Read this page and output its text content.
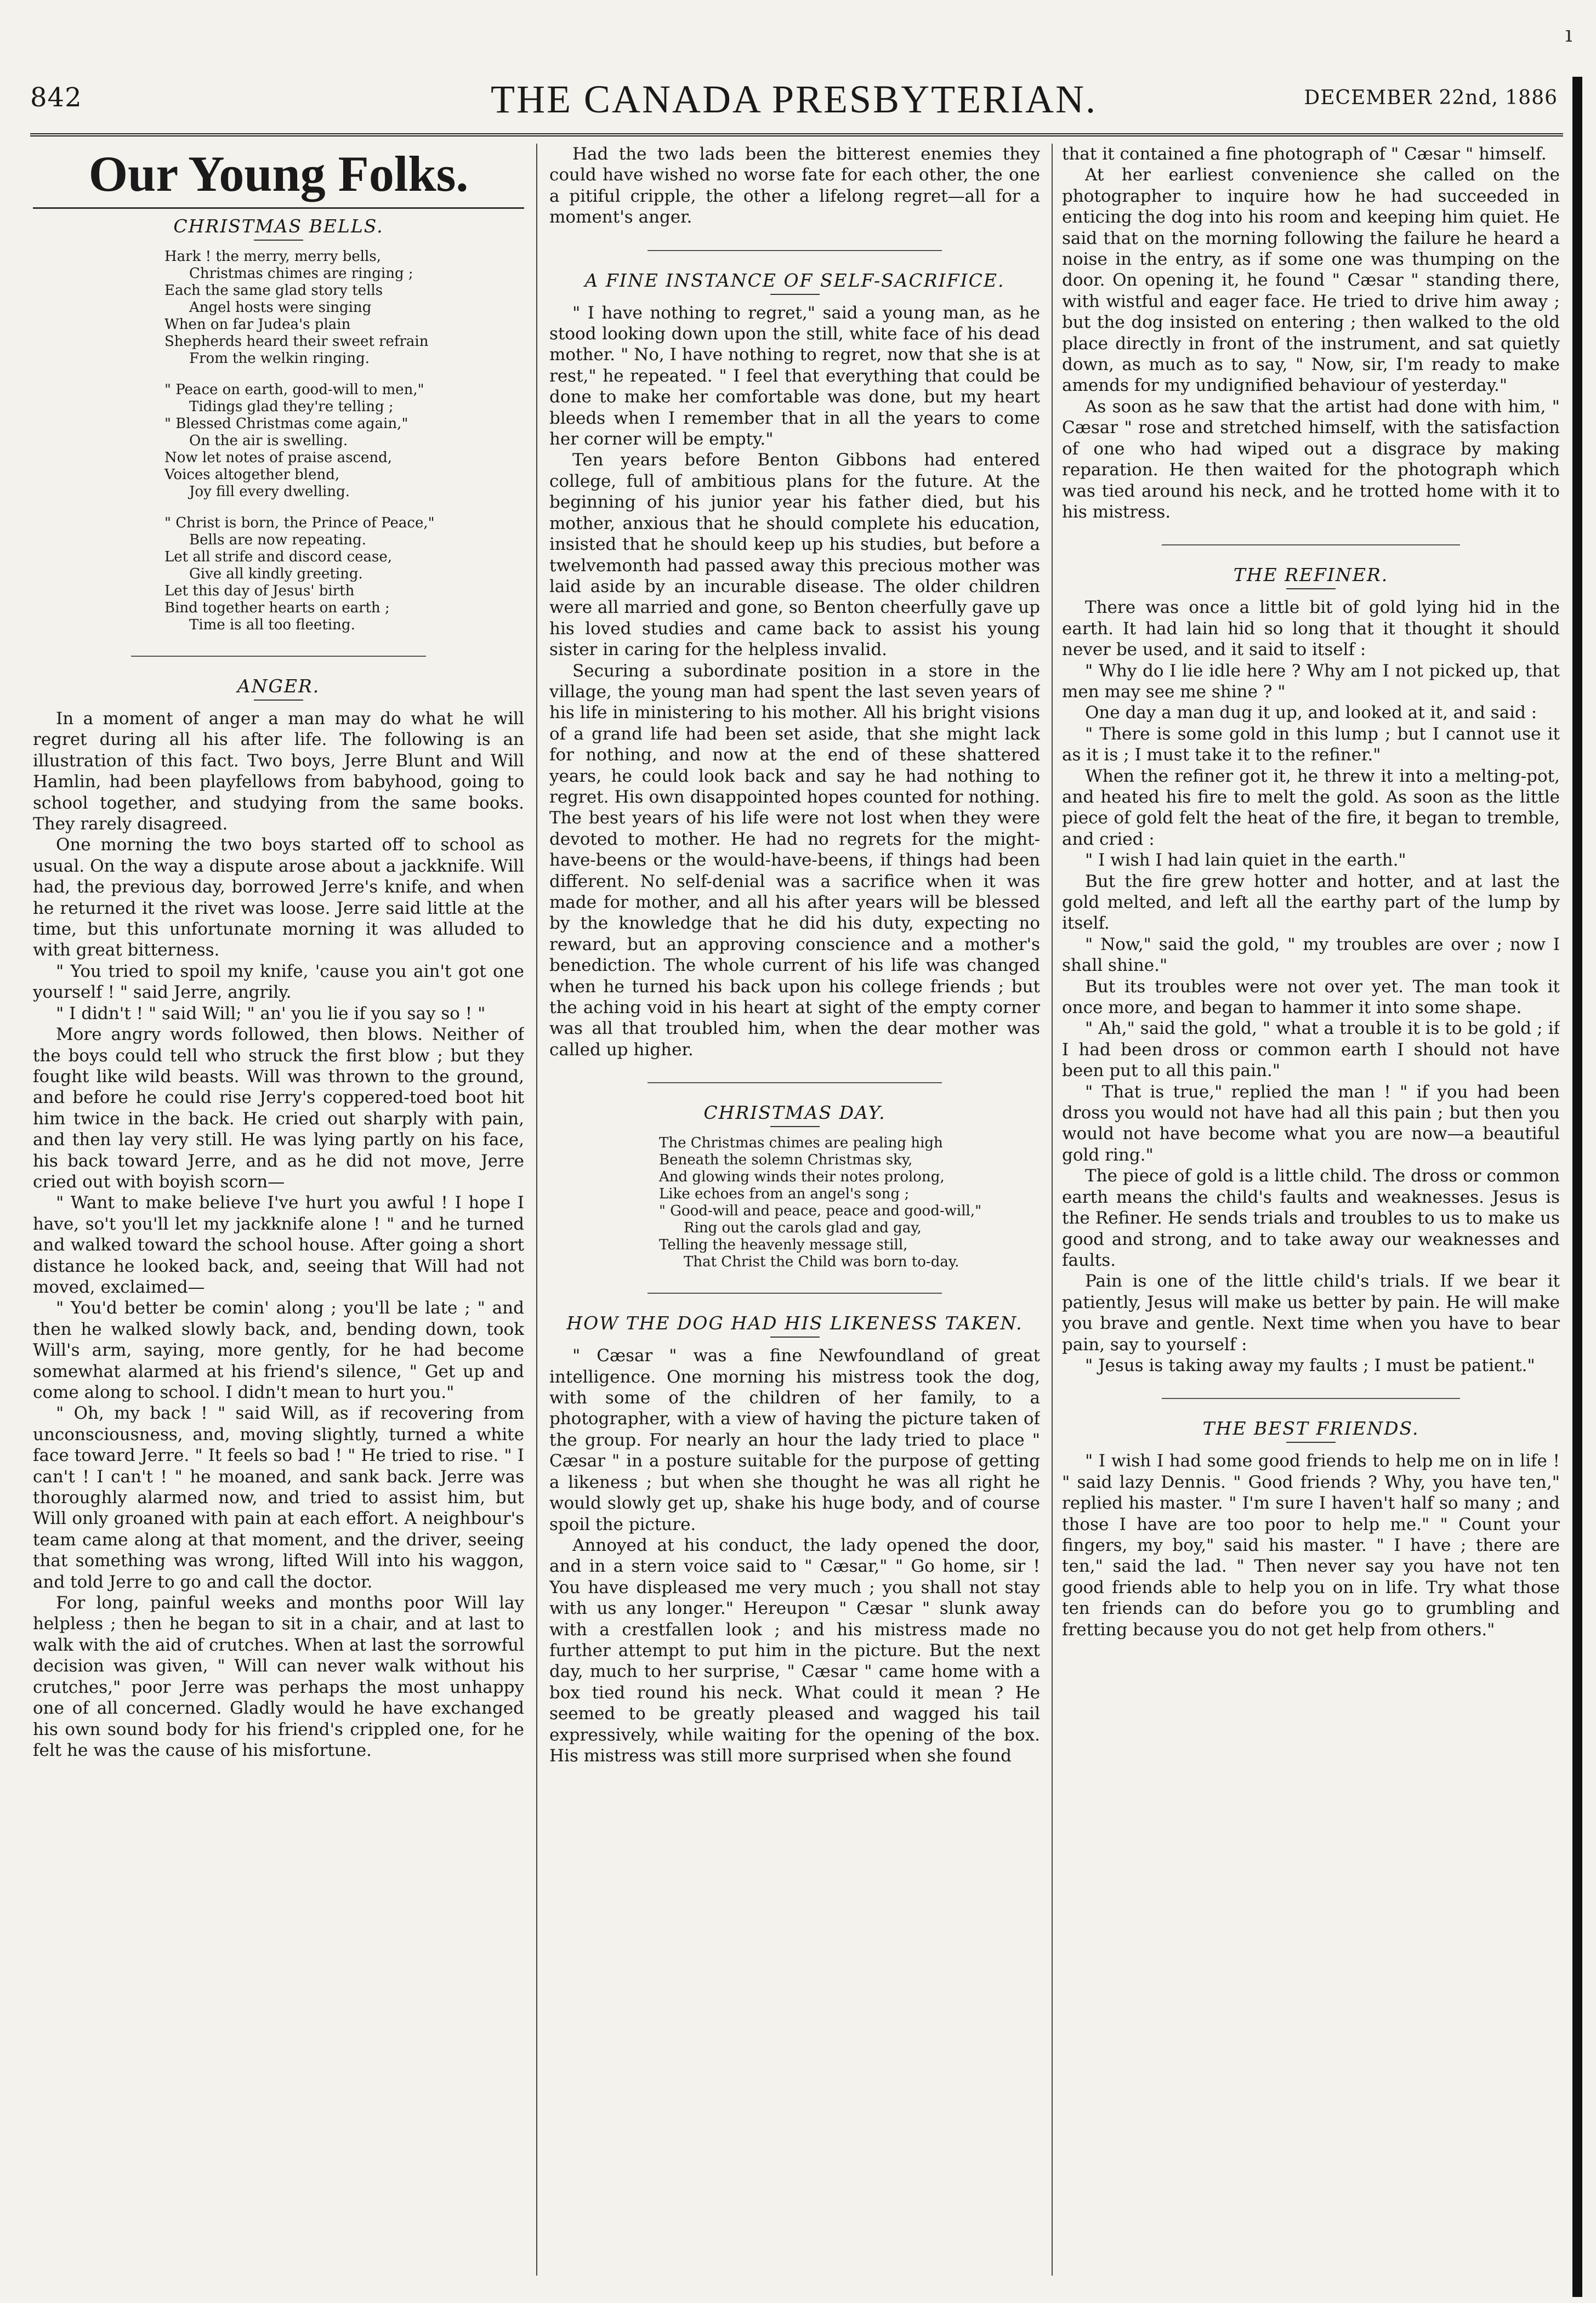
ı
842	THE CANADA PRESBYTERIAN.	DECEMBER 22nd, 1886
Our Young Folks.
CHRISTMAS BELLS.
Hark ! the merry, merry bells,
Christmas chimes are ringing ;
Each the same glad story tells
Angel hosts were singing
When on far Judea's plain
Shepherds heard their sweet refrain
From the welkin ringing.
" Peace on earth, good-will to men,"
Tidings glad they're telling ;
" Blessed Christmas come again,"
On the air is swelling.
Now let notes of praise ascend,
Voices altogether blend,
Joy fill every dwelling.
" Christ is born, the Prince of Peace,"
Bells are now repeating.
Let all strife and discord cease,
Give all kindly greeting.
Let this day of Jesus' birth
Bind together hearts on earth ;
Time is all too fleeting.
ANGER.

In a moment of anger a man may do what he will regret during all his after life. The following is an illustration of this fact. Two boys, Jerre Blunt and Will Hamlin, had been playfellows from babyhood, going to school together, and studying from the same books. They rarely disagreed.

One morning the two boys started off to school as usual. On the way a dispute arose about a jackknife. Will had, the previous day, borrowed Jerre's knife, and when he returned it the rivet was loose. Jerre said little at the time, but this unfortunate morning it was alluded to with great bitterness.

" You tried to spoil my knife, 'cause you ain't got one yourself ! " said Jerre, angrily.

" I didn't ! " said Will; " an' you lie if you say so ! "

More angry words followed, then blows. Neither of the boys could tell who struck the first blow ; but they fought like wild beasts. Will was thrown to the ground, and before he could rise Jerry's coppered-toed boot hit him twice in the back. He cried out sharply with pain, and then lay very still. He was lying partly on his face, his back toward Jerre, and as he did not move, Jerre cried out with boyish scorn—

" Want to make believe I've hurt you awful ! I hope I have, so't you'll let my jackknife alone ! " and he turned and walked toward the school house. After going a short distance he looked back, and, seeing that Will had not moved, exclaimed—

" You'd better be comin' along ; you'll be late ; " and then he walked slowly back, and, bending down, took Will's arm, saying, more gently, for he had become somewhat alarmed at his friend's silence, " Get up and come along to school. I didn't mean to hurt you."

" Oh, my back ! " said Will, as if recovering from unconsciousness, and, moving slightly, turned a white face toward Jerre. " It feels so bad ! " He tried to rise. " I can't ! I can't ! " he moaned, and sank back. Jerre was thoroughly alarmed now, and tried to assist him, but Will only groaned with pain at each effort. A neighbour's team came along at that moment, and the driver, seeing that something was wrong, lifted Will into his waggon, and told Jerre to go and call the doctor.

For long, painful weeks and months poor Will lay helpless ; then he began to sit in a chair, and at last to walk with the aid of crutches. When at last the sorrowful decision was given, " Will can never walk without his crutches," poor Jerre was perhaps the most unhappy one of all concerned. Gladly would he have exchanged his own sound body for his friend's crippled one, for he felt he was the cause of his misfortune.

Had the two lads been the bitterest enemies they could have wished no worse fate for each other, the one a pitiful cripple, the other a lifelong regret—all for a moment's anger.

A FINE INSTANCE OF SELF-SACRIFICE.

" I have nothing to regret," said a young man, as he stood looking down upon the still, white face of his dead mother. " No, I have nothing to regret, now that she is at rest," he repeated. " I feel that everything that could be done to make her comfortable was done, but my heart bleeds when I remember that in all the years to come her corner will be empty."

Ten years before Benton Gibbons had entered college, full of ambitious plans for the future. At the beginning of his junior year his father died, but his mother, anxious that he should complete his education, insisted that he should keep up his studies, but before a twelvemonth had passed away this precious mother was laid aside by an incurable disease. The older children were all married and gone, so Benton cheerfully gave up his loved studies and came back to assist his young sister in caring for the helpless invalid.

Securing a subordinate position in a store in the village, the young man had spent the last seven years of his life in ministering to his mother. All his bright visions of a grand life had been set aside, that she might lack for nothing, and now at the end of these shattered years, he could look back and say he had nothing to regret. His own disappointed hopes counted for nothing. The best years of his life were not lost when they were devoted to mother. He had no regrets for the might-have-beens or the would-have-beens, if things had been different. No self-denial was a sacrifice when it was made for mother, and all his after years will be blessed by the knowledge that he did his duty, expecting no reward, but an approving conscience and a mother's benediction. The whole current of his life was changed when he turned his back upon his college friends ; but the aching void in his heart at sight of the empty corner was all that troubled him, when the dear mother was called up higher.

CHRISTMAS DAY.
The Christmas chimes are pealing high
Beneath the solemn Christmas sky,
And glowing winds their notes prolong,
Like echoes from an angel's song ;
" Good-will and peace, peace and good-will,"
Ring out the carols glad and gay,
Telling the heavenly message still,
That Christ the Child was born to-day.
HOW THE DOG HAD HIS LIKENESS TAKEN.

" Cæsar " was a fine Newfoundland of great intelligence. One morning his mistress took the dog, with some of the children of her family, to a photographer, with a view of having the picture taken of the group. For nearly an hour the lady tried to place " Cæsar " in a posture suitable for the purpose of getting a likeness ; but when she thought he was all right he would slowly get up, shake his huge body, and of course spoil the picture.

Annoyed at his conduct, the lady opened the door, and in a stern voice said to " Cæsar," " Go home, sir ! You have displeased me very much ; you shall not stay with us any longer." Hereupon " Cæsar " slunk away with a crestfallen look ; and his mistress made no further attempt to put him in the picture. But the next day, much to her surprise, " Cæsar " came home with a box tied round his neck. What could it mean ? He seemed to be greatly pleased and wagged his tail expressively, while waiting for the opening of the box. His mistress was still more surprised when she found

that it contained a fine photograph of " Cæsar " himself.

At her earliest convenience she called on the photographer to inquire how he had succeeded in enticing the dog into his room and keeping him quiet. He said that on the morning following the failure he heard a noise in the entry, as if some one was thumping on the door. On opening it, he found " Cæsar " standing there, with wistful and eager face. He tried to drive him away ; but the dog insisted on entering ; then walked to the old place directly in front of the instrument, and sat quietly down, as much as to say, " Now, sir, I'm ready to make amends for my undignified behaviour of yesterday."

As soon as he saw that the artist had done with him, " Cæsar " rose and stretched himself, with the satisfaction of one who had wiped out a disgrace by making reparation. He then waited for the photograph which was tied around his neck, and he trotted home with it to his mistress.

THE REFINER.

There was once a little bit of gold lying hid in the earth. It had lain hid so long that it thought it should never be used, and it said to itself :

" Why do I lie idle here ? Why am I not picked up, that men may see me shine ? "

One day a man dug it up, and looked at it, and said :

" There is some gold in this lump ; but I cannot use it as it is ; I must take it to the refiner."

When the refiner got it, he threw it into a melting-pot, and heated his fire to melt the gold. As soon as the little piece of gold felt the heat of the fire, it began to tremble, and cried :

" I wish I had lain quiet in the earth."

But the fire grew hotter and hotter, and at last the gold melted, and left all the earthy part of the lump by itself.

" Now," said the gold, " my troubles are over ; now I shall shine."

But its troubles were not over yet. The man took it once more, and began to hammer it into some shape.

" Ah," said the gold, " what a trouble it is to be gold ; if I had been dross or common earth I should not have been put to all this pain."

" That is true," replied the man ! " if you had been dross you would not have had all this pain ; but then you would not have become what you are now—a beautiful gold ring."

The piece of gold is a little child. The dross or common earth means the child's faults and weaknesses. Jesus is the Refiner. He sends trials and troubles to us to make us good and strong, and to take away our weaknesses and faults.

Pain is one of the little child's trials. If we bear it patiently, Jesus will make us better by pain. He will make you brave and gentle. Next time when you have to bear pain, say to yourself :

" Jesus is taking away my faults ; I must be patient."

THE BEST FRIENDS.

" I wish I had some good friends to help me on in life ! " said lazy Dennis. " Good friends ? Why, you have ten," replied his master. " I'm sure I haven't half so many ; and those I have are too poor to help me." " Count your fingers, my boy," said his master. " I have ; there are ten," said the lad. " Then never say you have not ten good friends able to help you on in life. Try what those ten friends can do before you go to grumbling and fretting because you do not get help from others."
